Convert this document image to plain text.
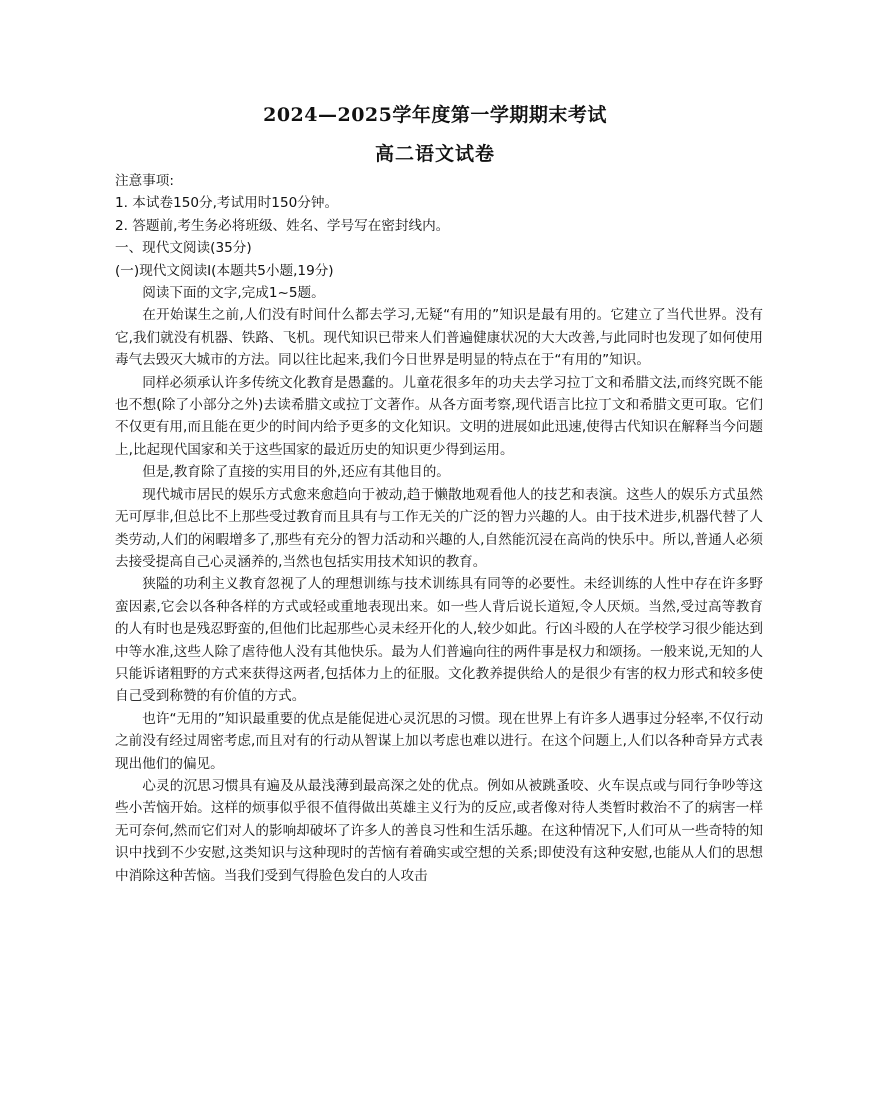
2024—2025学年度第一学期期末考试
高二语文试卷
注意事项:
1. 本试卷150分,考试用时150分钟。
2. 答题前,考生务必将班级、姓名、学号写在密封线内。
一、现代文阅读(35分)
(一)现代文阅读Ⅰ(本题共5小题,19分)
阅读下面的文字,完成1~5题。

在开始谋生之前,人们没有时间什么都去学习,无疑“有用的”知识是最有用的。它建立了当代世界。没有它,我们就没有机器、铁路、飞机。现代知识已带来人们普遍健康状况的大大改善,与此同时也发现了如何使用毒气去毁灭大城市的方法。同以往比起来,我们今日世界是明显的特点在于“有用的”知识。

同样必须承认许多传统文化教育是愚蠢的。儿童花很多年的功夫去学习拉丁文和希腊文法,而终究既不能也不想(除了小部分之外)去读希腊文或拉丁文著作。从各方面考察,现代语言比拉丁文和希腊文更可取。它们不仅更有用,而且能在更少的时间内给予更多的文化知识。文明的进展如此迅速,使得古代知识在解释当今问题上,比起现代国家和关于这些国家的最近历史的知识更少得到运用。

但是,教育除了直接的实用目的外,还应有其他目的。

现代城市居民的娱乐方式愈来愈趋向于被动,趋于懒散地观看他人的技艺和表演。这些人的娱乐方式虽然无可厚非,但总比不上那些受过教育而且具有与工作无关的广泛的智力兴趣的人。由于技术进步,机器代替了人类劳动,人们的闲暇增多了,那些有充分的智力活动和兴趣的人,自然能沉浸在高尚的快乐中。所以,普通人必须去接受提高自己心灵涵养的,当然也包括实用技术知识的教育。

狭隘的功利主义教育忽视了人的理想训练与技术训练具有同等的必要性。未经训练的人性中存在许多野蛮因素,它会以各种各样的方式或轻或重地表现出来。如一些人背后说长道短,令人厌烦。当然,受过高等教育的人有时也是残忍野蛮的,但他们比起那些心灵未经开化的人,较少如此。行凶斗殴的人在学校学习很少能达到中等水准,这些人除了虐待他人没有其他快乐。最为人们普遍向往的两件事是权力和颂扬。一般来说,无知的人只能诉诸粗野的方式来获得这两者,包括体力上的征服。文化教养提供给人的是很少有害的权力形式和较多使自己受到称赞的有价值的方式。

也许“无用的”知识最重要的优点是能促进心灵沉思的习惯。现在世界上有许多人遇事过分轻率,不仅行动之前没有经过周密考虑,而且对有的行动从智谋上加以考虑也难以进行。在这个问题上,人们以各种奇异方式表现出他们的偏见。

心灵的沉思习惯具有遍及从最浅薄到最高深之处的优点。例如从被跳蚤咬、火车误点或与同行争吵等这些小苦恼开始。这样的烦事似乎很不值得做出英雄主义行为的反应,或者像对待人类暂时救治不了的病害一样无可奈何,然而它们对人的影响却破坏了许多人的善良习性和生活乐趣。在这种情况下,人们可从一些奇特的知识中找到不少安慰,这类知识与这种现时的苦恼有着确实或空想的关系;即使没有这种安慰,也能从人们的思想中消除这种苦恼。当我们受到气得脸色发白的人攻击
